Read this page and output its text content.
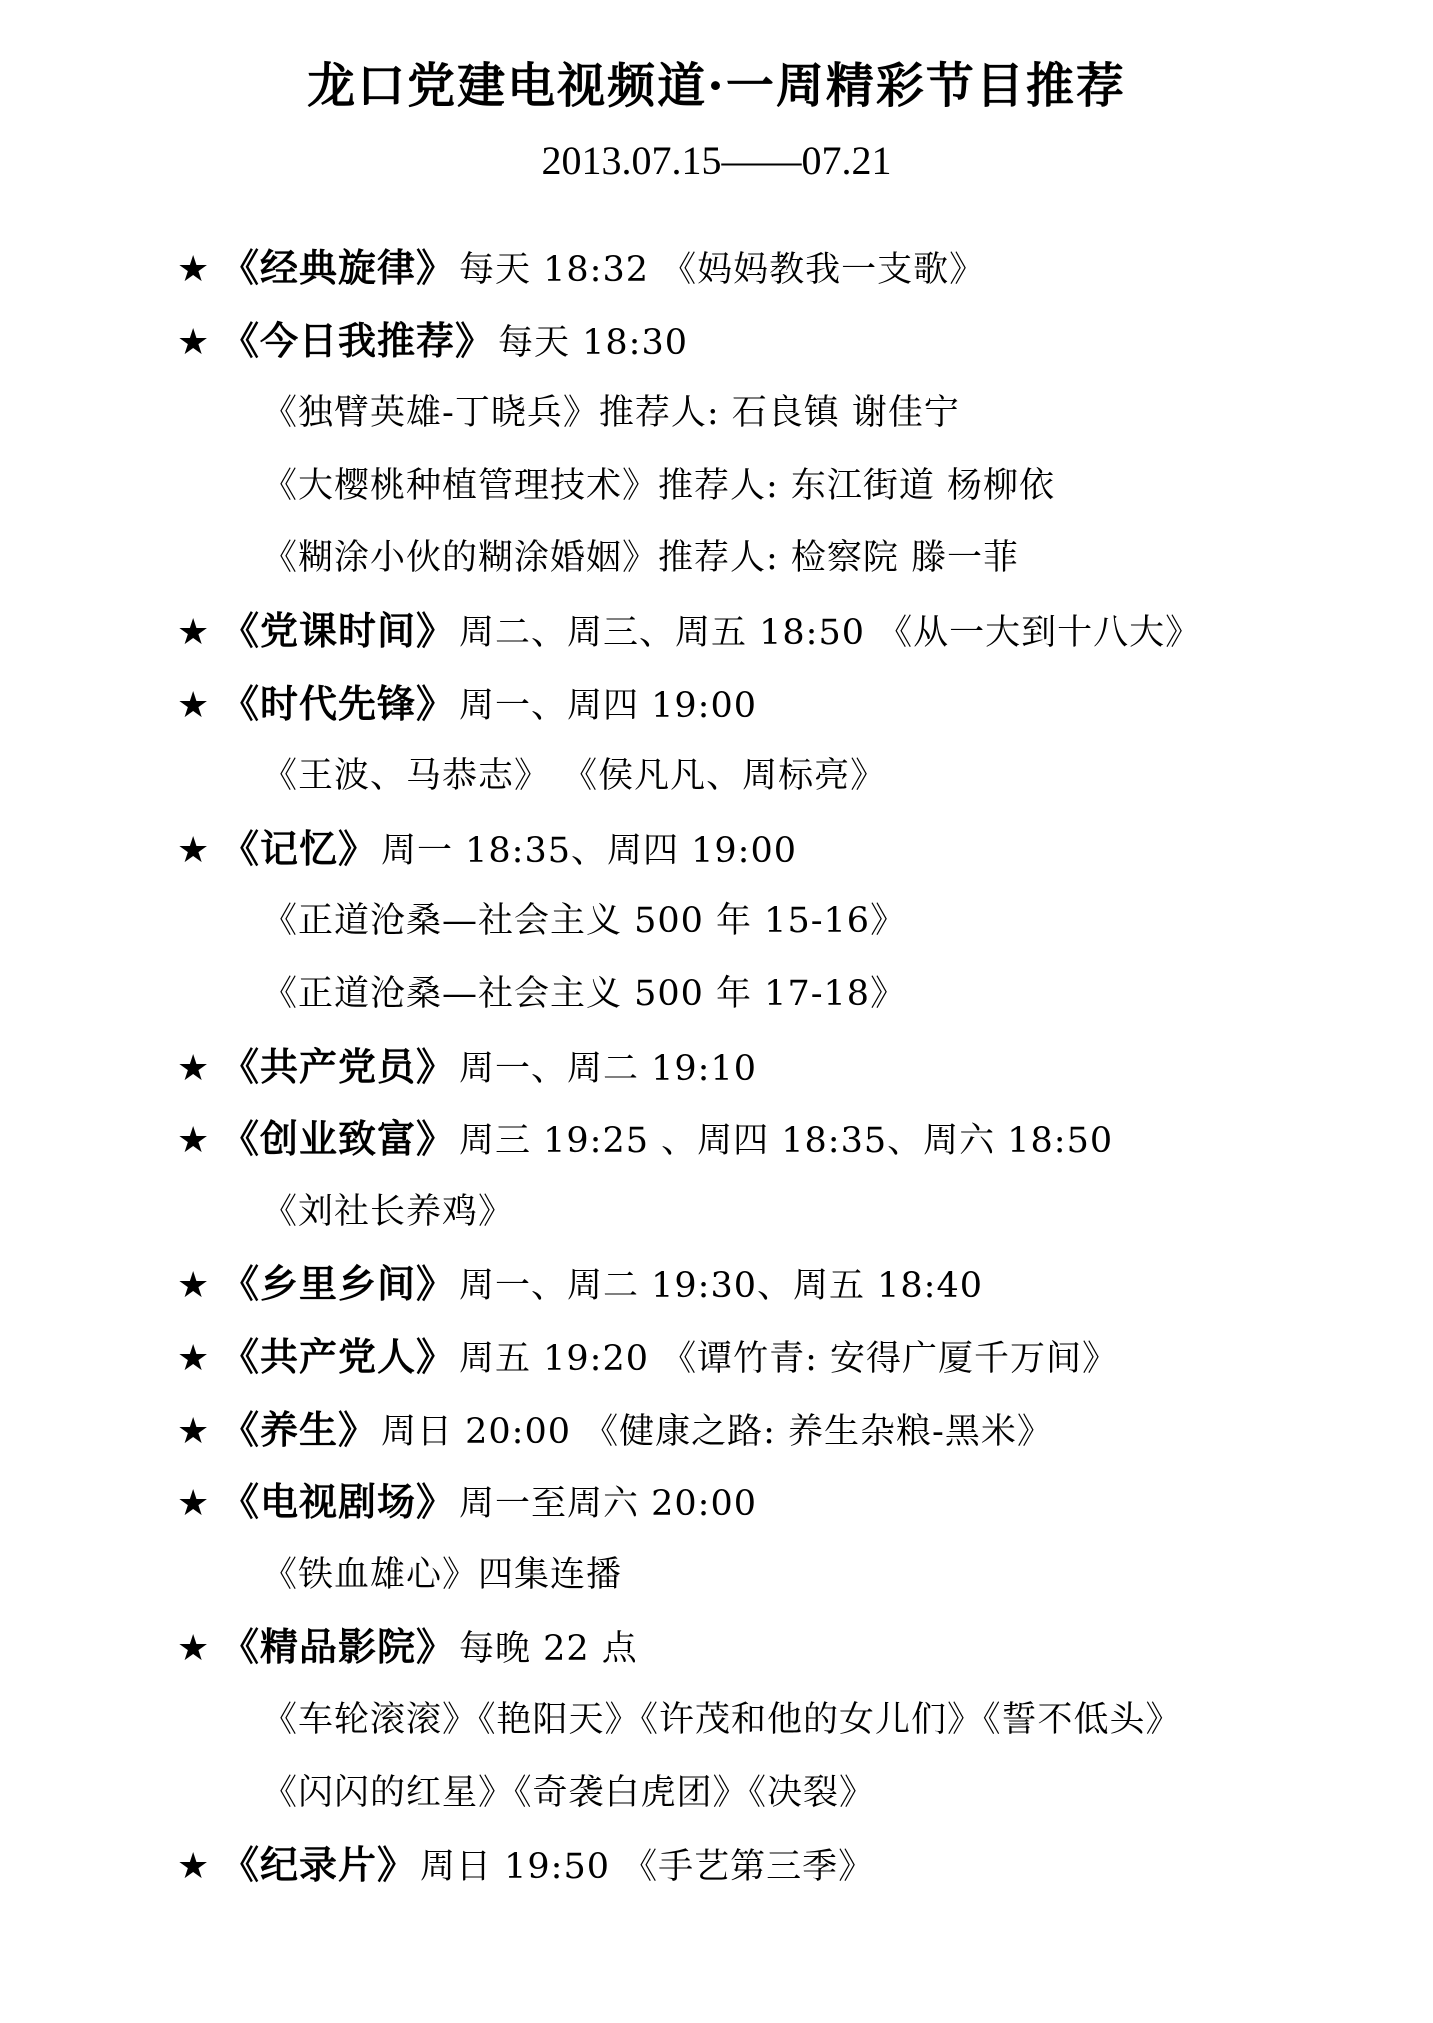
龙口党建电视频道·一周精彩节目推荐
2013.07.15——07.21
★ 《经典旋律》 每天 18:32 《妈妈教我一支歌》
★ 《今日我推荐》 每天 18:30
《独臂英雄-丁晓兵》推荐人: 石良镇 谢佳宁
《大樱桃种植管理技术》推荐人: 东江街道 杨柳依
《糊涂小伙的糊涂婚姻》推荐人: 检察院 滕一菲
★ 《党课时间》 周二、周三、周五 18:50 《从一大到十八大》
★ 《时代先锋》 周一、周四 19:00
《王波、马恭志》 《侯凡凡、周标亮》
★ 《记忆》 周一 18:35、周四 19:00
《正道沧桑—社会主义 500 年 15-16》
《正道沧桑—社会主义 500 年 17-18》
★ 《共产党员》 周一、周二 19:10
★ 《创业致富》 周三 19:25 、周四 18:35、周六 18:50
《刘社长养鸡》
★ 《乡里乡间》 周一、周二 19:30、周五 18:40
★ 《共产党人》 周五 19:20 《谭竹青: 安得广厦千万间》
★ 《养生》 周日 20:00 《健康之路: 养生杂粮-黑米》
★ 《电视剧场》 周一至周六 20:00
《铁血雄心》四集连播
★ 《精品影院》 每晚 22 点
《车轮滚滚》《艳阳天》《许茂和他的女儿们》《誓不低头》
《闪闪的红星》《奇袭白虎团》《决裂》
★ 《纪录片》 周日 19:50 《手艺第三季》
